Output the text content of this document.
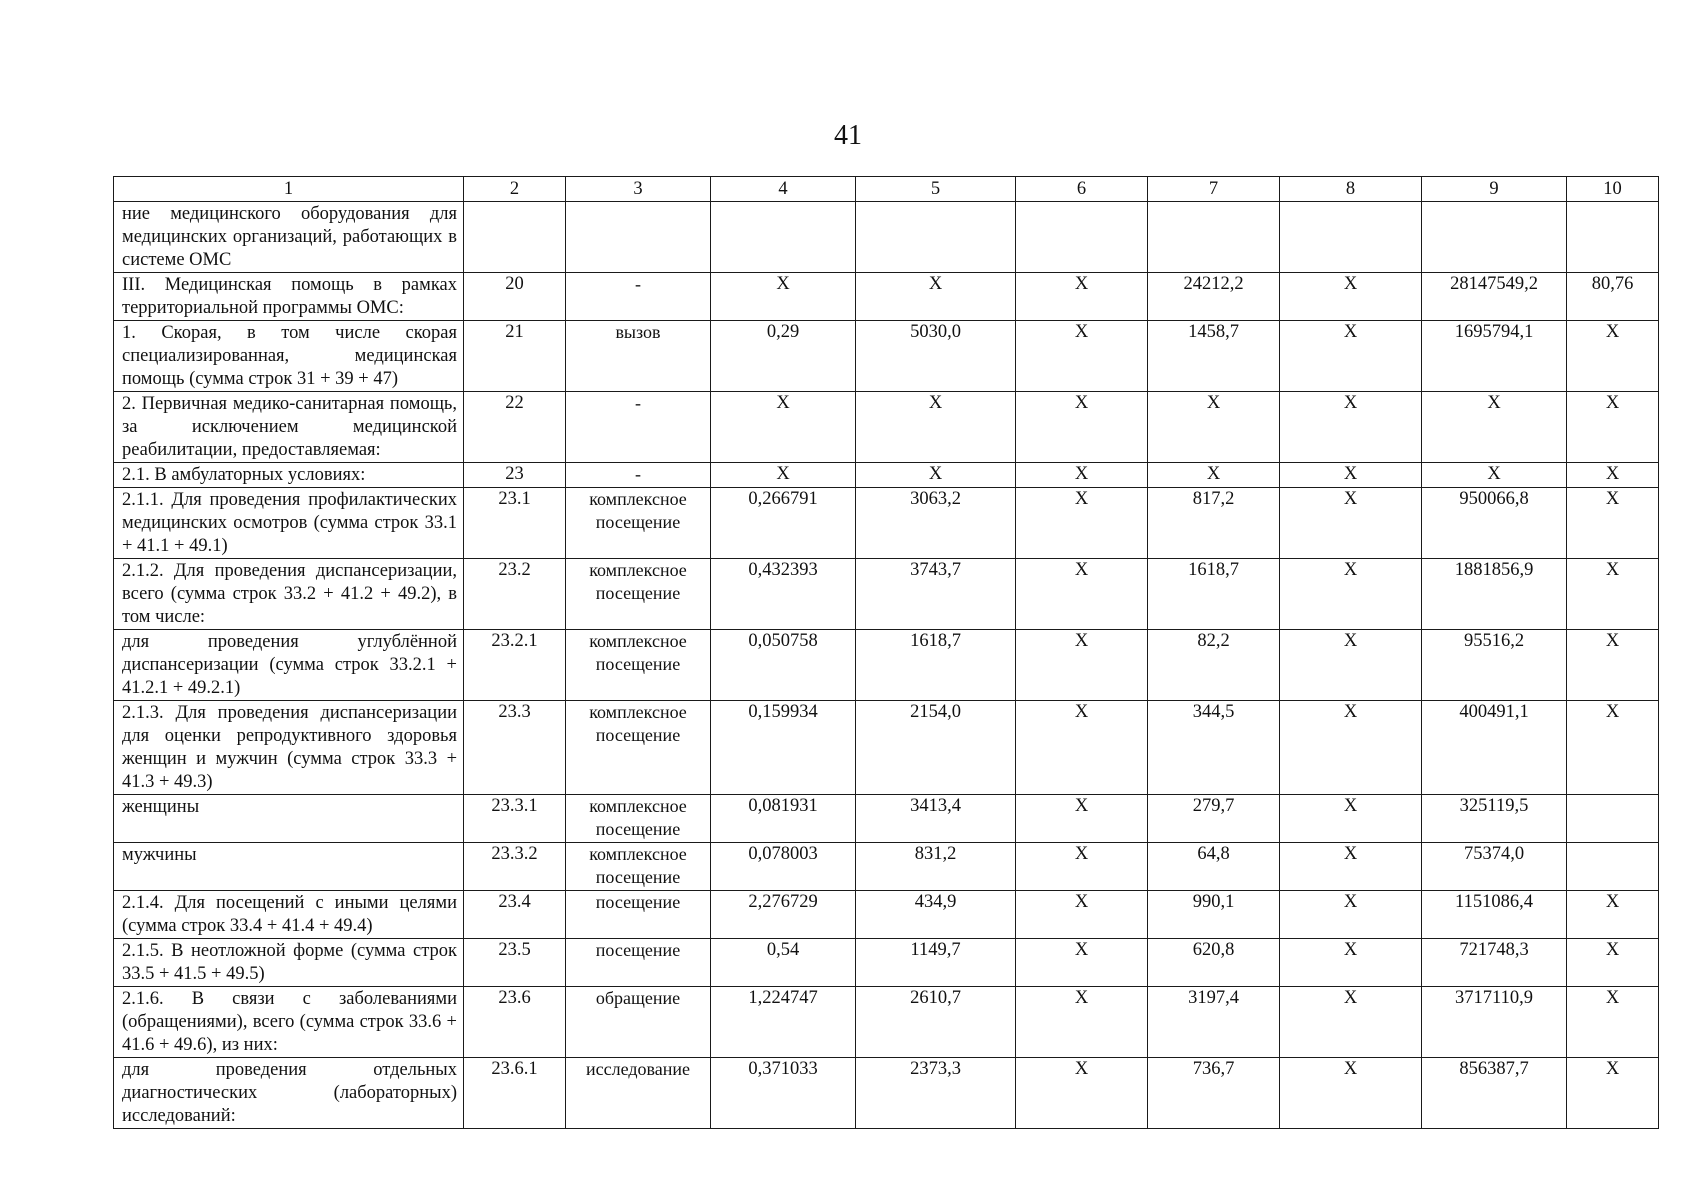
41
1	2	3	4	5	6	7	8	9	10
ние медицинского оборудования для медицинских организаций, работающих в системе ОМС									
III. Медицинская помощь в рамках территориальной программы ОМС:	20	-	X	X	X	24212,2	X	28147549,2	80,76
1. Скорая, в том числе скорая специализированная, медицинская помощь (сумма строк 31 + 39 + 47)	21	вызов	0,29	5030,0	X	1458,7	X	1695794,1	X
2. Первичная медико-санитарная помощь, за исключением медицинской реабилитации, предоставляемая:	22	-	X	X	X	X	X	X	X
2.1. В амбулаторных условиях:	23	-	X	X	X	X	X	X	X
2.1.1. Для проведения профилактических медицинских осмотров (сумма строк 33.1 + 41.1 + 49.1)	23.1	комплексное посещение	0,266791	3063,2	X	817,2	X	950066,8	X
2.1.2. Для проведения диспансеризации, всего (сумма строк 33.2 + 41.2 + 49.2), в том числе:	23.2	комплексное посещение	0,432393	3743,7	X	1618,7	X	1881856,9	X
для проведения углублённой диспансеризации (сумма строк 33.2.1 + 41.2.1 + 49.2.1)	23.2.1	комплексное посещение	0,050758	1618,7	X	82,2	X	95516,2	X
2.1.3. Для проведения диспансеризации для оценки репродуктивного здоровья женщин и мужчин (сумма строк 33.3 + 41.3 + 49.3)	23.3	комплексное посещение	0,159934	2154,0	X	344,5	X	400491,1	X
женщины	23.3.1	комплексное посещение	0,081931	3413,4	X	279,7	X	325119,5	
мужчины	23.3.2	комплексное посещение	0,078003	831,2	X	64,8	X	75374,0	
2.1.4. Для посещений с иными целями (сумма строк 33.4 + 41.4 + 49.4)	23.4	посещение	2,276729	434,9	X	990,1	X	1151086,4	X
2.1.5. В неотложной форме (сумма строк 33.5 + 41.5 + 49.5)	23.5	посещение	0,54	1149,7	X	620,8	X	721748,3	X
2.1.6. В связи с заболеваниями (обращениями), всего (сумма строк 33.6 + 41.6 + 49.6), из них:	23.6	обращение	1,224747	2610,7	X	3197,4	X	3717110,9	X
для проведения отдельных диагностических (лабораторных) исследований:	23.6.1	исследование	0,371033	2373,3	X	736,7	X	856387,7	X
